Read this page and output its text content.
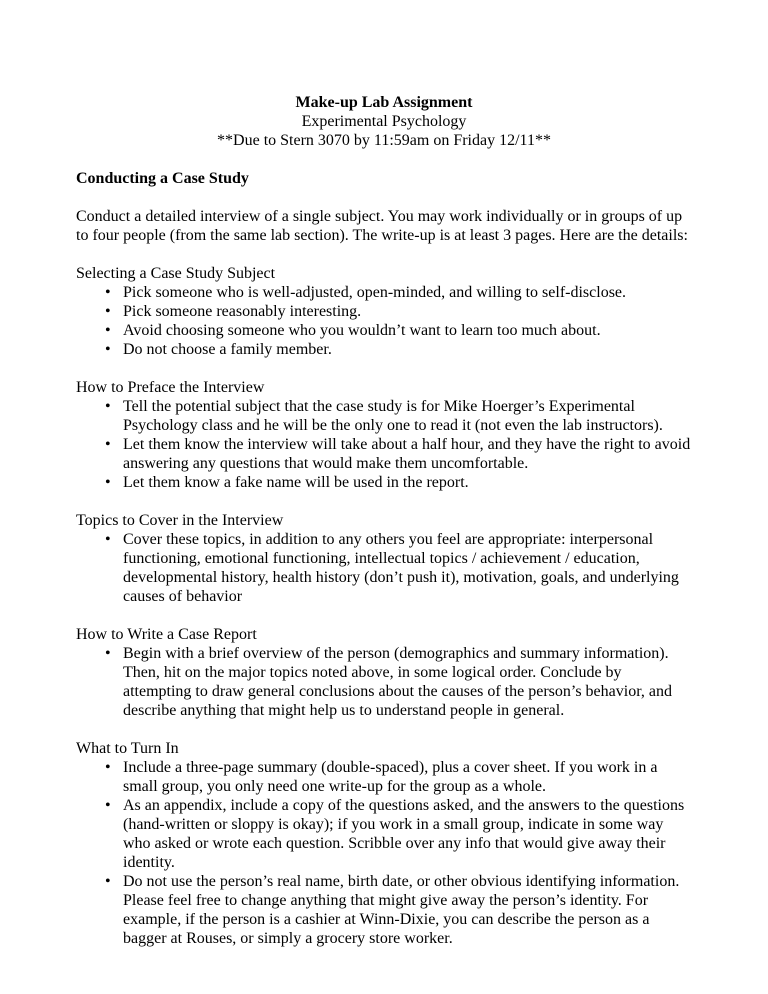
Make-up Lab Assignment

Experimental Psychology

**Due to Stern 3070 by 11:59am on Friday 12/11**

Conducting a Case Study

Conduct a detailed interview of a single subject. You may work individually or in groups of up to four people (from the same lab section). The write-up is at least 3 pages. Here are the details:

Selecting a Case Study Subject

• Pick someone who is well-adjusted, open-minded, and willing to self-disclose.
• Pick someone reasonably interesting.
• Avoid choosing someone who you wouldn’t want to learn too much about.
• Do not choose a family member.

How to Preface the Interview

• Tell the potential subject that the case study is for Mike Hoerger’s Experimental Psychology class and he will be the only one to read it (not even the lab instructors).
• Let them know the interview will take about a half hour, and they have the right to avoid answering any questions that would make them uncomfortable.
• Let them know a fake name will be used in the report.

Topics to Cover in the Interview

• Cover these topics, in addition to any others you feel are appropriate: interpersonal functioning, emotional functioning, intellectual topics / achievement / education, developmental history, health history (don’t push it), motivation, goals, and underlying causes of behavior

How to Write a Case Report

• Begin with a brief overview of the person (demographics and summary information). Then, hit on the major topics noted above, in some logical order. Conclude by attempting to draw general conclusions about the causes of the person’s behavior, and describe anything that might help us to understand people in general.

What to Turn In

• Include a three-page summary (double-spaced), plus a cover sheet. If you work in a small group, you only need one write-up for the group as a whole.
• As an appendix, include a copy of the questions asked, and the answers to the questions (hand-written or sloppy is okay); if you work in a small group, indicate in some way who asked or wrote each question. Scribble over any info that would give away their identity.
• Do not use the person’s real name, birth date, or other obvious identifying information. Please feel free to change anything that might give away the person’s identity. For example, if the person is a cashier at Winn-Dixie, you can describe the person as a bagger at Rouses, or simply a grocery store worker.
